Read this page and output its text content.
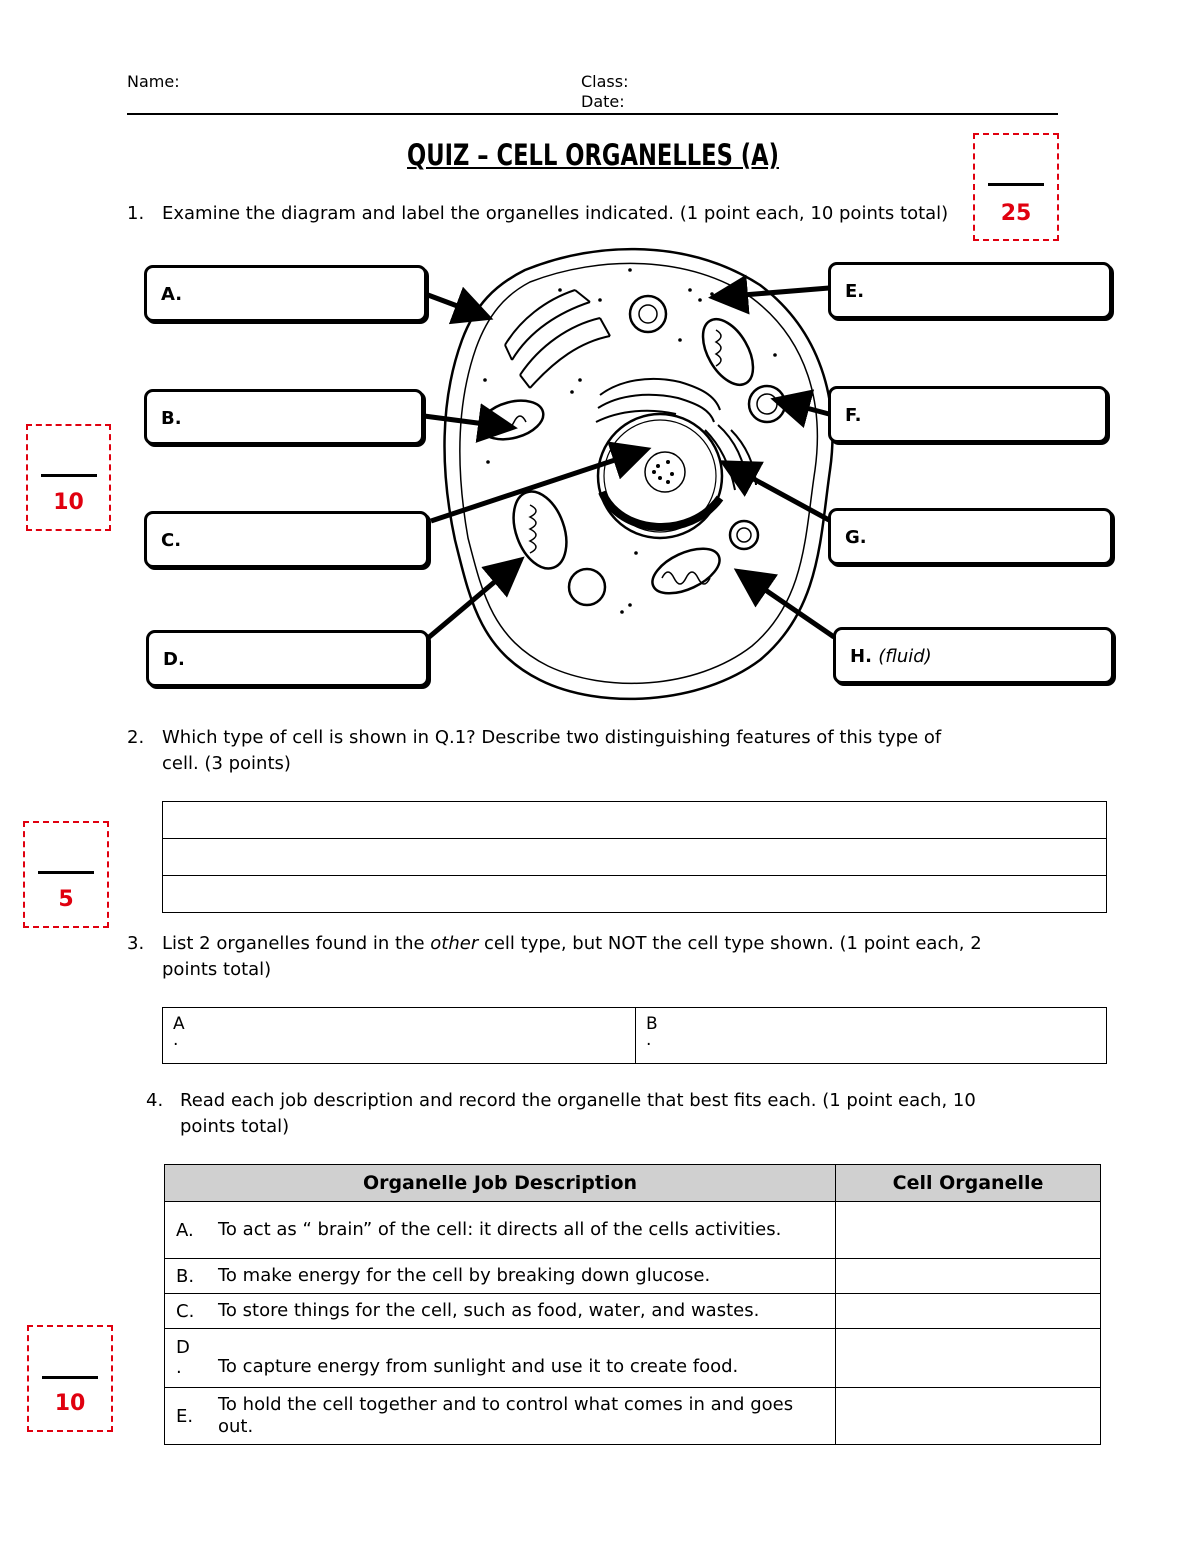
Name:	Class:
Date:
QUIZ – CELL ORGANELLES (A)
25
10
5
10
1. Examine the diagram and label the organelles indicated. (1 point each, 10 points total)
A.
B.
C.
D.
E.
F.
G.
H. (fluid)
2. Which type of cell is shown in Q.1? Describe two distinguishing features of this type of
cell. (3 points)

3. List 2 organelles found in the other cell type, but NOT the cell type shown. (1 point each, 2
points total)
A
.

B
.
4. Read each job description and record the organelle that best fits each. (1 point each, 10
points total)
Organelle Job Description	Cell Organelle

A. To act as “ brain” of the cell: it directs all of the cells activities.	

B. To make energy for the cell by breaking down glucose.	

C. To store things for the cell, such as food, water, and wastes.	

D
. To capture energy from sunlight and use it to create food.	

E.
To hold the cell together and to control what comes in and goes out.	
